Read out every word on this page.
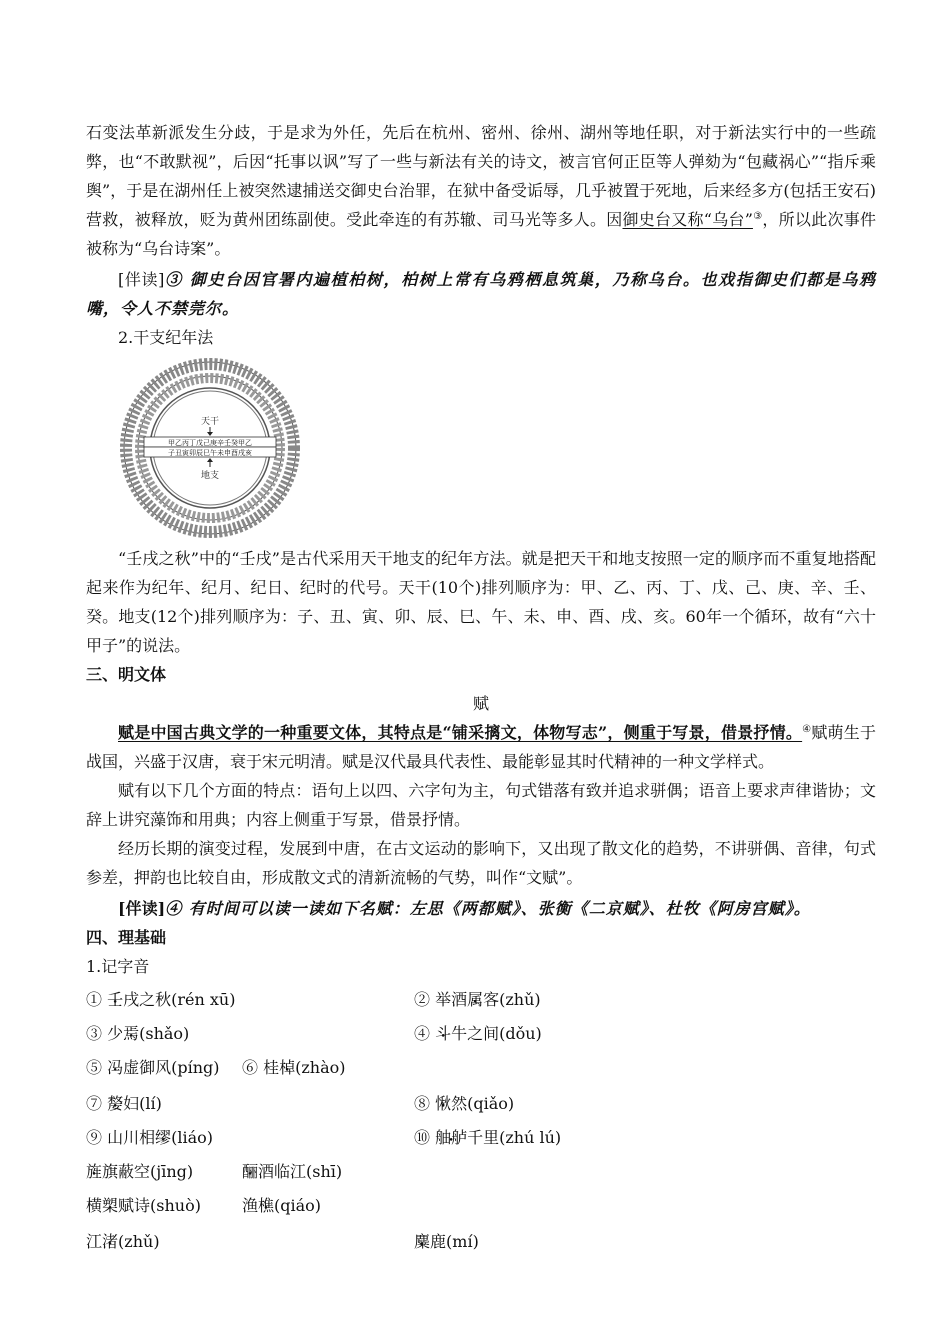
石变法革新派发生分歧，于是求为外任，先后在杭州、密州、徐州、湖州等地任职，对于新法实行中的一些疏弊，也“不敢默视”，后因“托事以讽”写了一些与新法有关的诗文，被言官何正臣等人弹劾为“包藏祸心”“指斥乘舆”，于是在湖州任上被突然逮捕送交御史台治罪，在狱中备受诟辱，几乎被置于死地，后来经多方(包括王安石)营救，被释放，贬为黄州团练副使。受此牵连的有苏辙、司马光等多人。因御史台又称“乌台”③，所以此次事件被称为“乌台诗案”。

[伴读]③ 御史台因官署内遍植柏树，柏树上常有乌鸦栖息筑巢，乃称乌台。也戏指御史们都是乌鸦嘴，令人不禁莞尔。

2.干支纪年法

天干
甲乙丙丁戊己庚辛壬癸甲乙
子丑寅卯辰巳午未申酉戌亥
地支

“壬戌之秋”中的“壬戌”是古代采用天干地支的纪年方法。就是把天干和地支按照一定的顺序而不重复地搭配起来作为纪年、纪月、纪日、纪时的代号。天干(10个)排列顺序为：甲、乙、丙、丁、戊、己、庚、辛、壬、癸。地支(12个)排列顺序为：子、丑、寅、卯、辰、巳、午、未、申、酉、戌、亥。60年一个循环，故有“六十甲子”的说法。

三、明文体

赋

赋是中国古典文学的一种重要文体，其特点是“铺采摛文，体物写志”，侧重于写景，借景抒情。④赋萌生于战国，兴盛于汉唐，衰于宋元明清。赋是汉代最具代表性、最能彰显其时代精神的一种文学样式。

赋有以下几个方面的特点：语句上以四、六字句为主，句式错落有致并追求骈偶；语音上要求声律谐协；文辞上讲究藻饰和用典；内容上侧重于写景，借景抒情。

经历长期的演变过程，发展到中唐，在古文运动的影响下，又出现了散文化的趋势，不讲骈偶、音律，句式参差，押韵也比较自由，形成散文式的清新流畅的气势，叫作“文赋”。

[伴读]④ 有时间可以读一读如下名赋：左思《两都赋》、张衡《二京赋》、杜牧《阿房宫赋》。

四、理基础

1.记字音

① 壬 •戌之秋(rén xū)	② 举酒属 •客(zhǔ)
③ 少焉 •(shǎo)	④ 斗 •牛之间(dǒu)
⑤ 冯 •虚御风(píng)	⑥ 桂棹 •(zhào)
⑦ 嫠 •妇(lí)	⑧ 愀 •然(qiǎo)
⑨ 山川相缪 •(liáo)	⑩ 舳舻 •千里(zhú lú)
旌 •旗蔽空(jīng)	酾 •酒临江(shī)
横槊 •赋诗(shuò)	渔樵 •(qiáo)
江渚 •(zhǔ)	麋 •鹿(mí)
